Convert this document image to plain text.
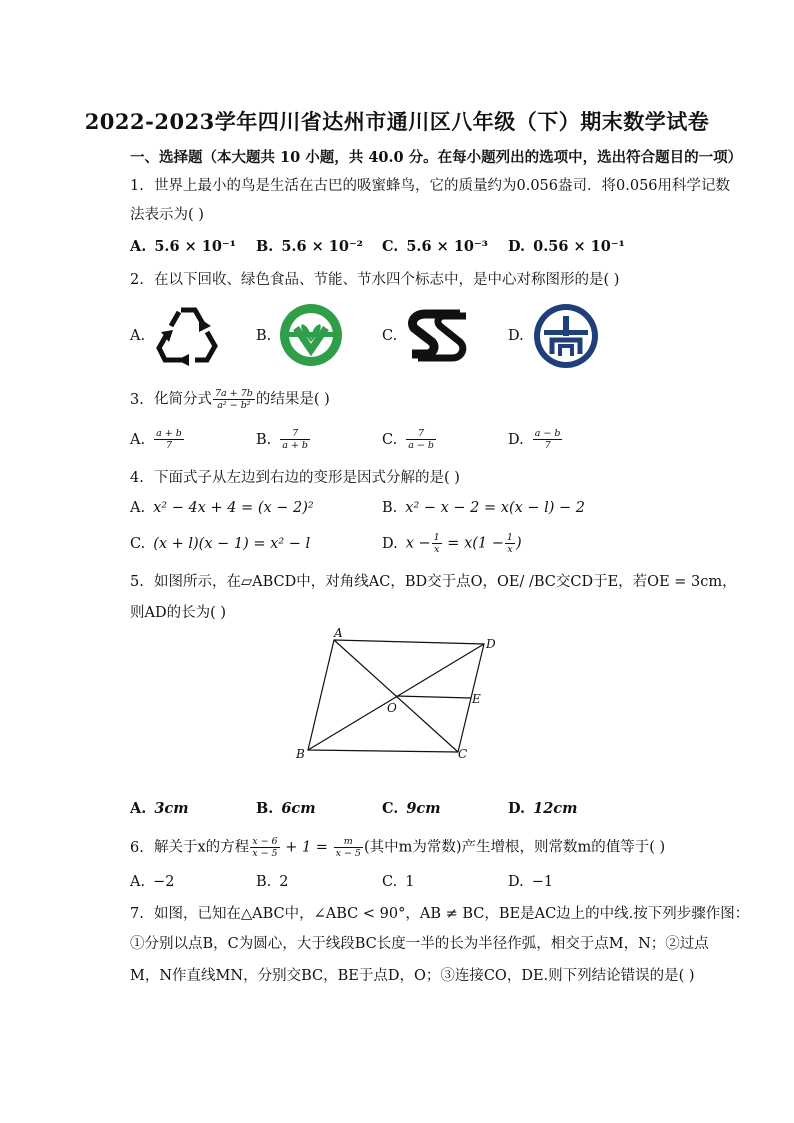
2022-2023学年四川省达州市通川区八年级（下）期末数学试卷
一、选择题（本大题共 10 小题，共 40.0 分。在每小题列出的选项中，选出符合题目的一项）
1. 世界上最小的鸟是生活在古巴的吸蜜蜂鸟，它的质量约为0.056盎司．将0.056用科学记数
法表示为( )
A. 5.6 × 10⁻¹ B. 5.6 × 10⁻² C. 5.6 × 10⁻³ D. 0.56 × 10⁻¹
2. 在以下回收、绿色食品、节能、节水四个标志中，是中心对称图形的是( )
A.	B.	C.	D.
3. 化简分式 $\frac{7a + 7b}{\text{a² − b²}}$ 的结果是( )
A. $\frac{a + b}{7}$	B. $\frac{7}{a + b}$	C. $\frac{7}{a - b}$	D. $\frac{a - b}{7}$
4. 下面式子从左边到右边的变形是因式分解的是( )
A. x² − 4x + 4 = (x − 2)²	B. x² − x − 2 = x(x − l) − 2
C. (x + l)(x − 1) = x² − l	D. $x - \frac{1}{x} = x(1 - \frac{1}{x}$ )
5. 如图所示，在▱ABCD中，对角线AC，BD交于点O，OE/ /BC交CD于E，若OE = 3cm，
则AD的长为( )
A
D
E
O
B	C
A. 3cm	B. 6cm	C. 9cm	D. 12cm
6. 解关于x的方程 $\frac{x - 6}{x - 5} + 1 = \frac{m}{x - 5}$ (其中m为常数)产生增根，则常数m的值等于( )
A. −2	B. 2	C. 1	D. −1
7. 如图，已知在△ABC中，∠ABC < 90°，AB ≠ BC，BE是AC边上的中线.按下列步骤作图：
①分别以点B，C为圆心，大于线段BC长度一半的长为半径作弧，相交于点M，N；②过点
M，N作直线MN，分别交BC，BE于点D，O；③连接CO，DE.则下列结论错误的是( )
